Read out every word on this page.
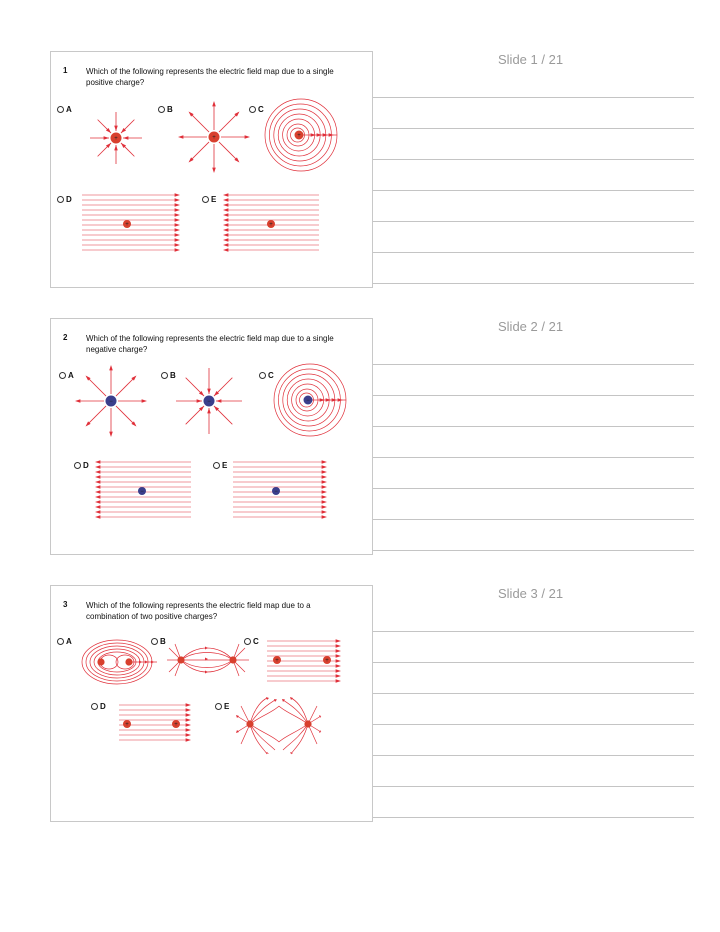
Slide 1 / 21
Slide 2 / 21
Slide 3 / 21
1 Which of the following represents the electric field map due to a single positive charge?
A	B	C
D	E
+	+	+
+	+
2 Which of the following represents the electric field map due to a single negative charge?
A	B	C
D	E
−	−	−
−	−
3 Which of the following represents the electric field map due to a combination of two positive charges?
A	B	C
D	E
+	+
+	+
